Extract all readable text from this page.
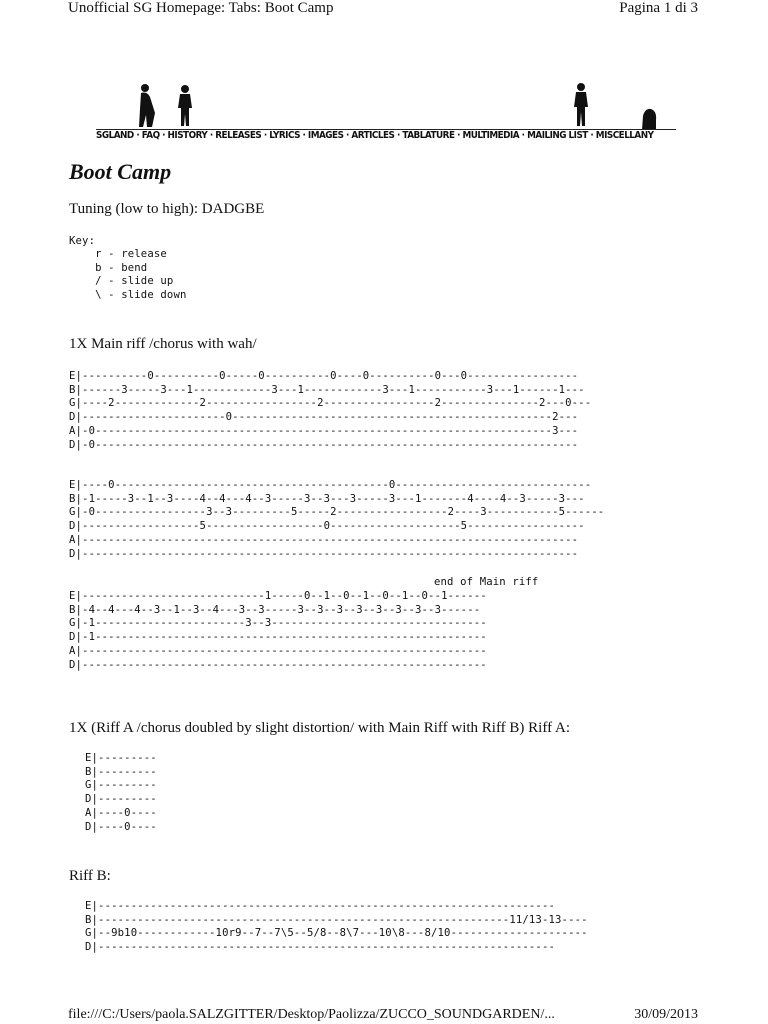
Unofficial SG Homepage: Tabs: Boot Camp	Pagina 1 di 3
SGLAND · FAQ · HISTORY · RELEASES · LYRICS · IMAGES · ARTICLES · TABLATURE · MULTIMEDIA · MAILING LIST · MISCELLANY
Boot Camp
Tuning (low to high): DADGBE
Key:
r - release
b - bend
/ - slide up
\ - slide down
1X Main riff /chorus with wah/
E|----------0----------0-----0----------0----0----------0---0-----------------
B|------3-----3---1------------3---1------------3---1-----------3---1------1---
G|----2-------------2-----------------2-----------------2---------------2---0---
D|----------------------0-------------------------------------------------2---
A|-0----------------------------------------------------------------------3---
D|-0--------------------------------------------------------------------------
E|----0------------------------------------------0------------------------------
B|-1-----3--1--3----4--4---4--3-----3--3---3-----3---1-------4----4--3-----3---
G|-0-----------------3--3---------5-----2-----------------2----3-----------5------
D|------------------5------------------0--------------------5------------------
A|----------------------------------------------------------------------------
D|----------------------------------------------------------------------------
end of Main riff
E|----------------------------1-----0--1--0--1--0--1--0--1------
B|-4--4---4--3--1--3--4---3--3-----3--3--3--3--3--3--3--3------
G|-1-----------------------3--3---------------------------------
D|-1------------------------------------------------------------
A|--------------------------------------------------------------
D|--------------------------------------------------------------
1X (Riff A /chorus doubled by slight distortion/ with Main Riff with Riff B) Riff A:
E|---------
B|---------
G|---------
D|---------
A|----0----
D|----0----
Riff B:
E|----------------------------------------------------------------------
B|---------------------------------------------------------------11/13-13----
G|--9b10------------10r9--7--7\5--5/8--8\7---10\8---8/10---------------------
D|----------------------------------------------------------------------
file:///C:/Users/paola.SALZGITTER/Desktop/Paolizza/ZUCCO_SOUNDGARDEN/...	30/09/2013
